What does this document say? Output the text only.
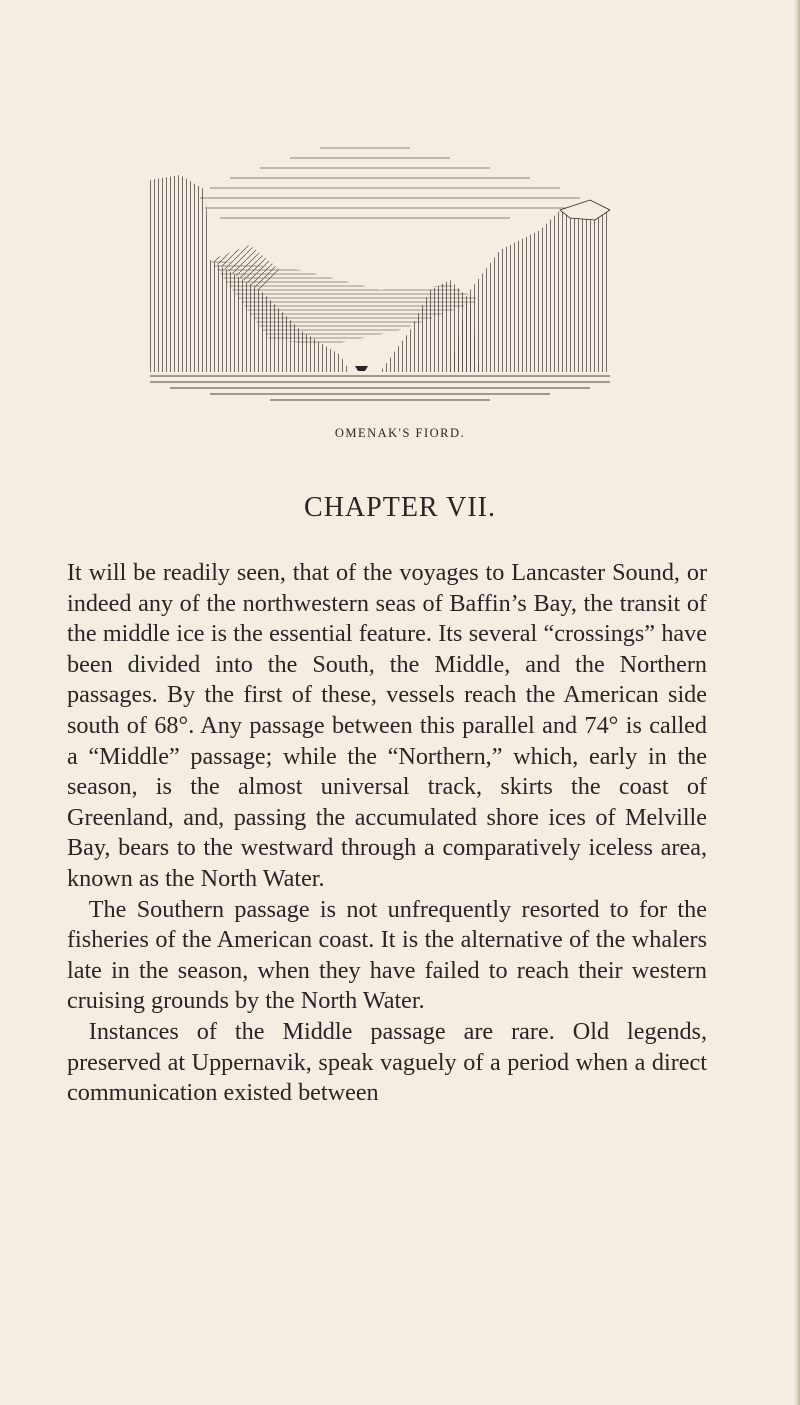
OMENAK'S FIORD.
CHAPTER VII.

It will be readily seen, that of the voyages to Lancaster Sound, or indeed any of the northwestern seas of Baffin’s Bay, the transit of the middle ice is the essential feature. Its several “crossings” have been divided into the South, the Middle, and the Northern passages. By the first of these, vessels reach the American side south of 68°. Any passage between this parallel and 74° is called a “Middle” passage; while the “Northern,” which, early in the season, is the almost universal track, skirts the coast of Greenland, and, passing the accumulated shore ices of Melville Bay, bears to the westward through a comparatively iceless area, known as the North Water.

The Southern passage is not unfrequently resorted to for the fisheries of the American coast. It is the alternative of the whalers late in the season, when they have failed to reach their western cruising grounds by the North Water.

Instances of the Middle passage are rare. Old legends, preserved at Uppernavik, speak vaguely of a period when a direct communication existed between
